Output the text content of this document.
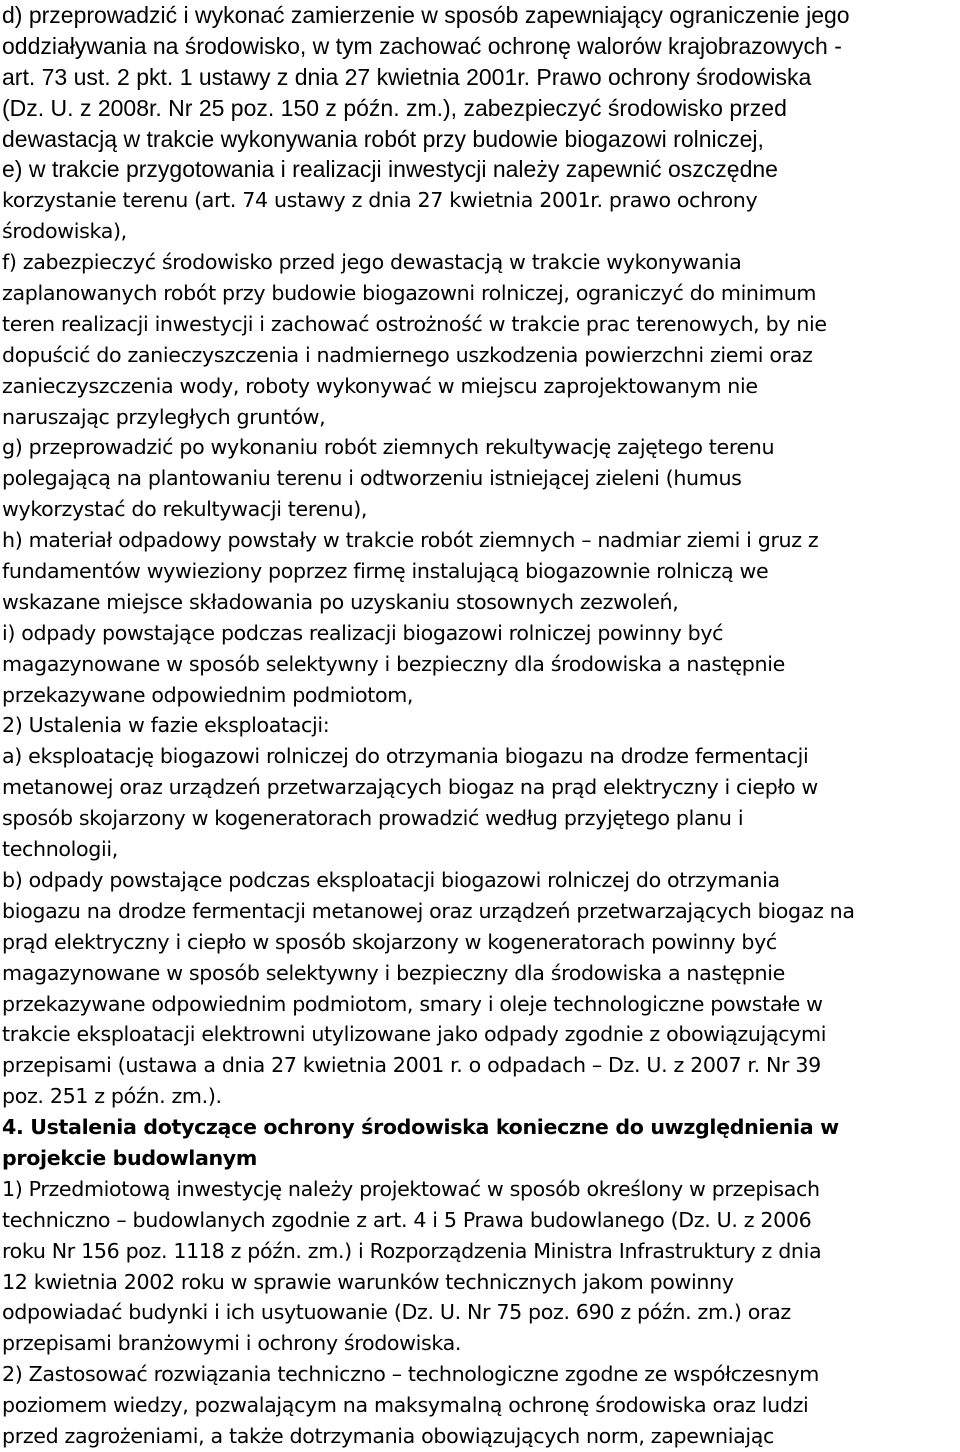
d) przeprowadzić i wykonać zamierzenie w sposób zapewniający ograniczenie jego
oddziaływania na środowisko, w tym zachować ochronę walorów krajobrazowych -
art. 73 ust. 2 pkt. 1 ustawy z dnia 27 kwietnia 2001r. Prawo ochrony środowiska
(Dz. U. z 2008r. Nr 25 poz. 150 z późn. zm.), zabezpieczyć środowisko przed
dewastacją w trakcie wykonywania robót przy budowie biogazowi rolniczej,
e) w trakcie przygotowania i realizacji inwestycji należy zapewnić oszczędne
korzystanie terenu (art. 74 ustawy z dnia 27 kwietnia 2001r. prawo ochrony
środowiska),
f) zabezpieczyć środowisko przed jego dewastacją w trakcie wykonywania
zaplanowanych robót przy budowie biogazowni rolniczej, ograniczyć do minimum
teren realizacji inwestycji i zachować ostrożność w trakcie prac terenowych, by nie
dopuścić do zanieczyszczenia i nadmiernego uszkodzenia powierzchni ziemi oraz
zanieczyszczenia wody, roboty wykonywać w miejscu zaprojektowanym nie
naruszając przyległych gruntów,
g) przeprowadzić po wykonaniu robót ziemnych rekultywację zajętego terenu
polegającą na plantowaniu terenu i odtworzeniu istniejącej zieleni (humus
wykorzystać do rekultywacji terenu),
h) materiał odpadowy powstały w trakcie robót ziemnych – nadmiar ziemi i gruz z
fundamentów wywieziony poprzez firmę instalującą biogazownie rolniczą we
wskazane miejsce składowania po uzyskaniu stosownych zezwoleń,
i) odpady powstające podczas realizacji biogazowi rolniczej powinny być
magazynowane w sposób selektywny i bezpieczny dla środowiska a następnie
przekazywane odpowiednim podmiotom,
2) Ustalenia w fazie eksploatacji:
a) eksploatację biogazowi rolniczej do otrzymania biogazu na drodze fermentacji
metanowej oraz urządzeń przetwarzających biogaz na prąd elektryczny i ciepło w
sposób skojarzony w kogeneratorach prowadzić według przyjętego planu i
technologii,
b) odpady powstające podczas eksploatacji biogazowi rolniczej do otrzymania
biogazu na drodze fermentacji metanowej oraz urządzeń przetwarzających biogaz na
prąd elektryczny i ciepło w sposób skojarzony w kogeneratorach powinny być
magazynowane w sposób selektywny i bezpieczny dla środowiska a następnie
przekazywane odpowiednim podmiotom, smary i oleje technologiczne powstałe w
trakcie eksploatacji elektrowni utylizowane jako odpady zgodnie z obowiązującymi
przepisami (ustawa a dnia 27 kwietnia 2001 r. o odpadach – Dz. U. z 2007 r. Nr 39
poz. 251 z późn. zm.).
4. Ustalenia dotyczące ochrony środowiska konieczne do uwzględnienia w
projekcie budowlanym
1) Przedmiotową inwestycję należy projektować w sposób określony w przepisach
techniczno – budowlanych zgodnie z art. 4 i 5 Prawa budowlanego (Dz. U. z 2006
roku Nr 156 poz. 1118 z późn. zm.) i Rozporządzenia Ministra Infrastruktury z dnia
12 kwietnia 2002 roku w sprawie warunków technicznych jakom powinny
odpowiadać budynki i ich usytuowanie (Dz. U. Nr 75 poz. 690 z późn. zm.) oraz
przepisami branżowymi i ochrony środowiska.
2) Zastosować rozwiązania techniczno – technologiczne zgodne ze współczesnym
poziomem wiedzy, pozwalającym na maksymalną ochronę środowiska oraz ludzi
przed zagrożeniami, a także dotrzymania obowiązujących norm, zapewniając
